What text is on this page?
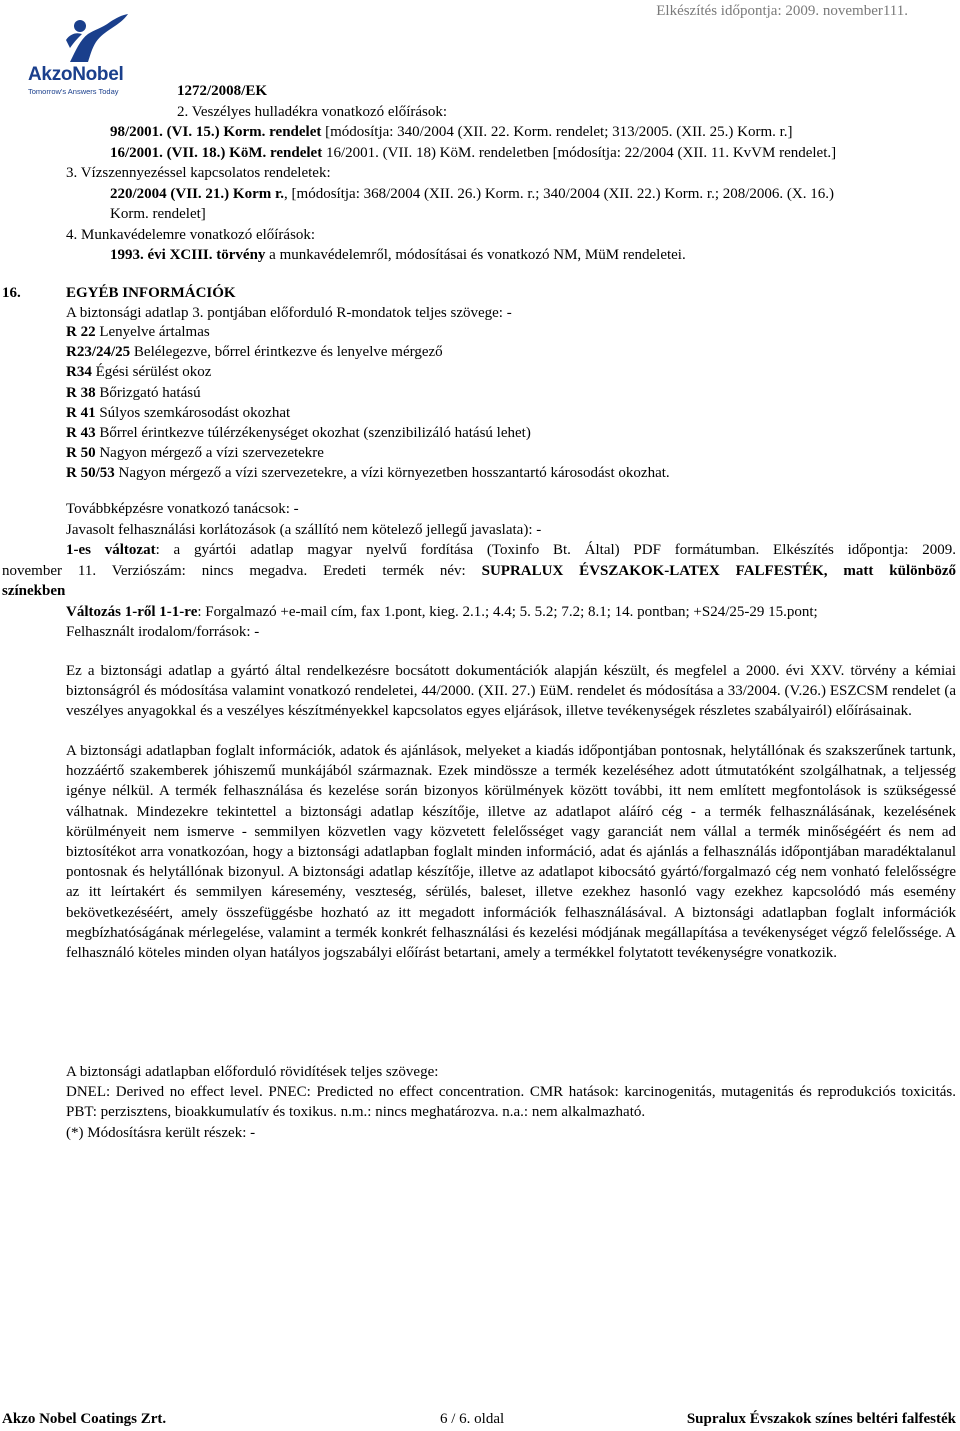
Elkészítés időpontja: 2009. november111.
AkzoNobel
Tomorrow's Answers Today	1272/2008/EK
2. Veszélyes hulladékra vonatkozó előírások:
98/2001. (VI. 15.) Korm. rendelet [módosítja: 340/2004 (XII. 22. Korm. rendelet; 313/2005. (XII. 25.) Korm. r.]
16/2001. (VII. 18.) KöM. rendelet 16/2001. (VII. 18) KöM. rendeletben [módosítja: 22/2004 (XII. 11. KvVM rendelet.]
3. Vízszennyezéssel kapcsolatos rendeletek:
220/2004 (VII. 21.) Korm r., [módosítja: 368/2004 (XII. 26.) Korm. r.; 340/2004 (XII. 22.) Korm. r.; 208/2006. (X. 16.)
Korm. rendelet]
4. Munkavédelemre vonatkozó előírások:
1993. évi XCIII. törvény a munkavédelemről, módosításai és vonatkozó NM, MüM rendeletei.
16.	EGYÉB INFORMÁCIÓK
A biztonsági adatlap 3. pontjában előforduló R-mondatok teljes szövege: -
R 22 Lenyelve ártalmas
R23/24/25 Belélegezve, bőrrel érintkezve és lenyelve mérgező
R34 Égési sérülést okoz
R 38 Bőrizgató hatású
R 41 Súlyos szemkárosodást okozhat
R 43 Bőrrel érintkezve túlérzékenységet okozhat (szenzibilizáló hatású lehet)
R 50 Nagyon mérgező a vízi szervezetekre
R 50/53 Nagyon mérgező a vízi szervezetekre, a vízi környezetben hosszantartó károsodást okozhat.
Továbbképzésre vonatkozó tanácsok: -
Javasolt felhasználási korlátozások (a szállító nem kötelező jellegű javaslata): -
1-es változat: a gyártói adatlap magyar nyelvű fordítása (Toxinfo Bt. Által) PDF formátumban. Elkészítés időpontja: 2009.
november 11. Verziószám: nincs megadva. Eredeti termék név: SUPRALUX ÉVSZAKOK-LATEX FALFESTÉK, matt különböző
színekben
Változás 1-ről 1-1-re: Forgalmazó +e-mail cím, fax 1.pont, kieg. 2.1.; 4.4; 5. 5.2; 7.2; 8.1; 14. pontban; +S24/25-29 15.pont;
Felhasznált irodalom/források: -
Ez a biztonsági adatlap a gyártó által rendelkezésre bocsátott dokumentációk alapján készült, és megfelel a 2000. évi XXV. törvény a kémiai biztonságról és módosítása valamint vonatkozó rendeletei, 44/2000. (XII. 27.) EüM. rendelet és módosítása a 33/2004. (V.26.) ESZCSM rendelet (a veszélyes anyagokkal és a veszélyes készítményekkel kapcsolatos egyes eljárások, illetve tevékenységek részletes szabályairól) előírásainak.
A biztonsági adatlapban foglalt információk, adatok és ajánlások, melyeket a kiadás időpontjában pontosnak, helytállónak és szakszerűnek tartunk, hozzáértő szakemberek jóhiszemű munkájából származnak. Ezek mindössze a termék kezeléséhez adott útmutatóként szolgálhatnak, a teljesség igénye nélkül. A termék felhasználása és kezelése során bizonyos körülmények között további, itt nem említett megfontolások is szükségessé válhatnak. Mindezekre tekintettel a biztonsági adatlap készítője, illetve az adatlapot aláíró cég - a termék felhasználásának, kezelésének körülményeit nem ismerve - semmilyen közvetlen vagy közvetett felelősséget vagy garanciát nem vállal a termék minőségéért és nem ad biztosítékot arra vonatkozóan, hogy a biztonsági adatlapban foglalt minden információ, adat és ajánlás a felhasználás időpontjában maradéktalanul pontosnak és helytállónak bizonyul. A biztonsági adatlap készítője, illetve az adatlapot kibocsátó gyártó/forgalmazó cég nem vonható felelősségre az itt leírtakért és semmilyen káresemény, veszteség, sérülés, baleset, illetve ezekhez hasonló vagy ezekhez kapcsolódó más esemény bekövetkezéséért, amely összefüggésbe hozható az itt megadott információk felhasználásával. A biztonsági adatlapban foglalt információk megbízhatóságának mérlegelése, valamint a termék konkrét felhasználási és kezelési módjának megállapítása a tevékenységet végző felelőssége. A felhasználó köteles minden olyan hatályos jogszabályi előírást betartani, amely a termékkel folytatott tevékenységre vonatkozik.
A biztonsági adatlapban előforduló rövidítések teljes szövege:
DNEL: Derived no effect level. PNEC: Predicted no effect concentration. CMR hatások: karcinogenitás, mutagenitás és reprodukciós toxicitás. PBT: perzisztens, bioakkumulatív és toxikus. n.m.: nincs meghatározva. n.a.: nem alkalmazható.
(*) Módosításra került részek: -
Akzo Nobel Coatings Zrt.	6 / 6. oldal	Supralux Évszakok színes beltéri falfesték
